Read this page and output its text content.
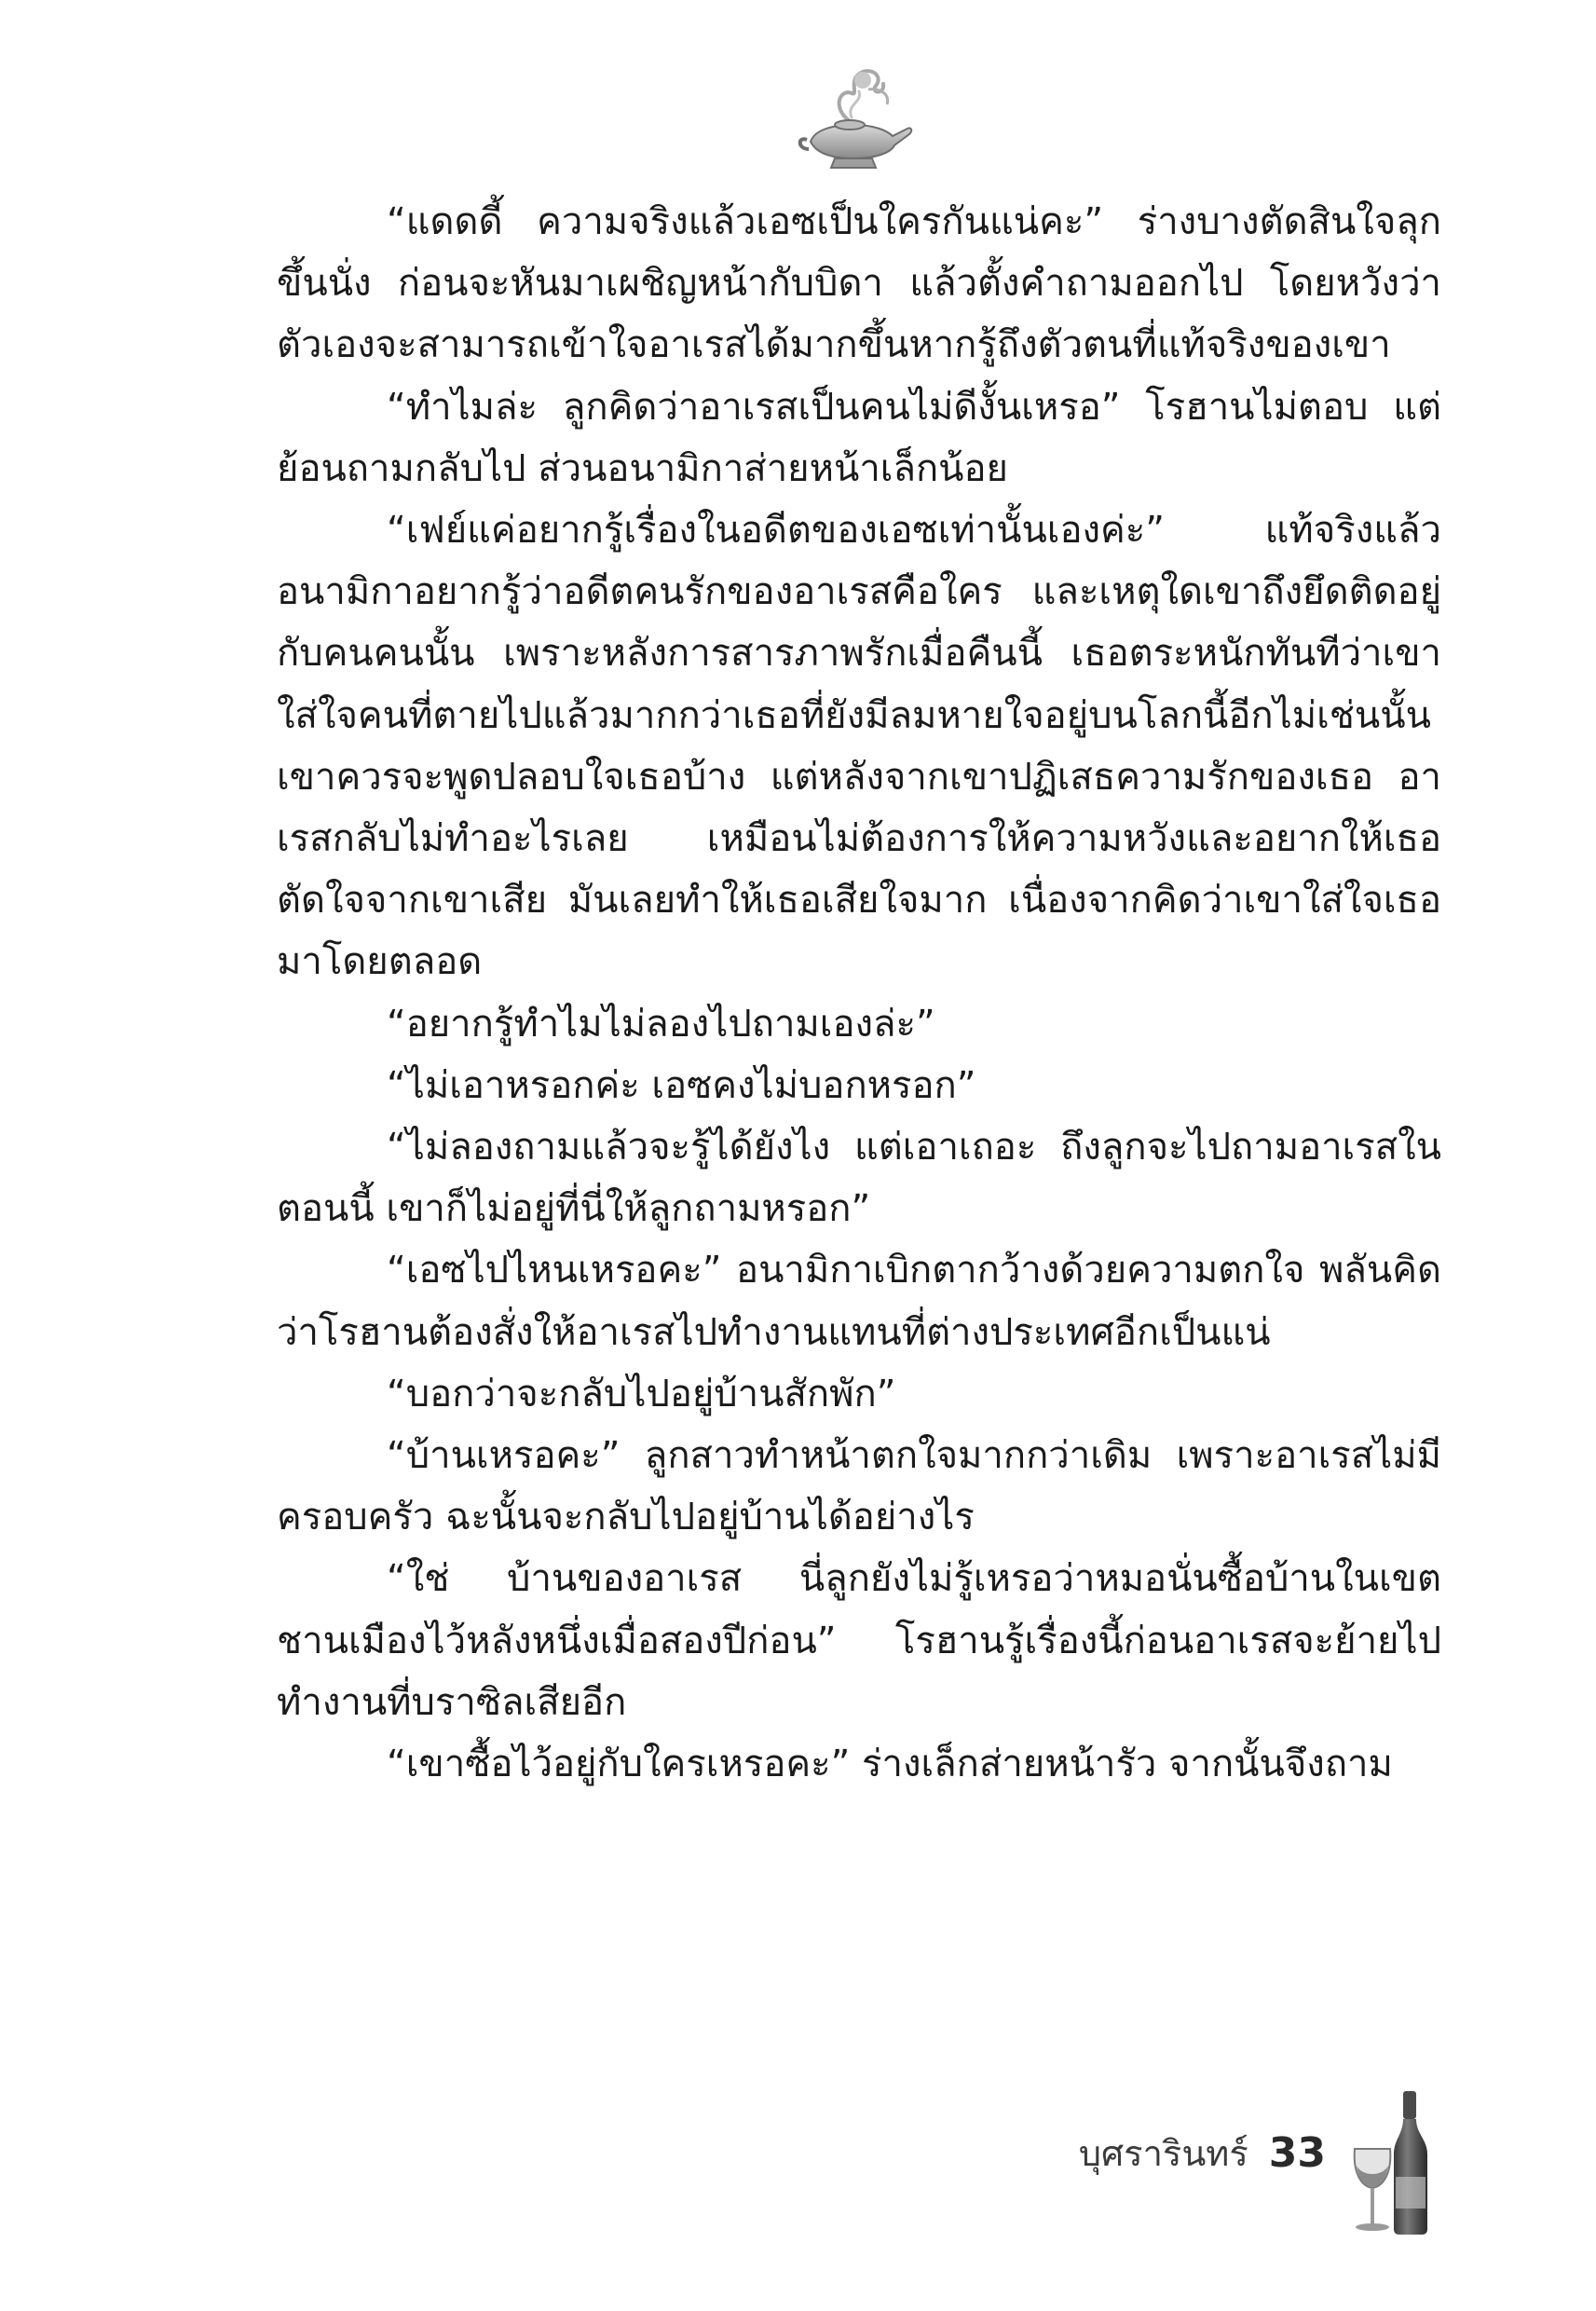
“แดดดี้ ความจริงแล้วเอซเป็นใครกันแน่คะ” ร่างบางตัดสินใจลุกขึ้นนั่ง ก่อนจะหันมาเผชิญหน้ากับบิดา แล้วตั้งคำถามออกไป โดยหวังว่าตัวเองจะสามารถเข้าใจอาเรสได้มากขึ้นหากรู้ถึงตัวตนที่แท้จริงของเขา

“ทำไมล่ะ ลูกคิดว่าอาเรสเป็นคนไม่ดีงั้นเหรอ” โรฮานไม่ตอบ แต่ย้อนถามกลับไป ส่วนอนามิกาส่ายหน้าเล็กน้อย

“เฟย์แค่อยากรู้เรื่องในอดีตของเอซเท่านั้นเองค่ะ” แท้จริงแล้วอนามิกาอยากรู้ว่าอดีตคนรักของอาเรสคือใคร และเหตุใดเขาถึงยึดติดอยู่กับคนคนนั้น เพราะหลังการสารภาพรักเมื่อคืนนี้ เธอตระหนักทันทีว่าเขาใส่ใจคนที่ตายไปแล้วมากกว่าเธอที่ยังมีลมหายใจอยู่บนโลกนี้อีกไม่เช่นนั้นเขาควรจะพูดปลอบใจเธอบ้าง แต่หลังจากเขาปฏิเสธความรักของเธอ อาเรสกลับไม่ทำอะไรเลย เหมือนไม่ต้องการให้ความหวังและอยากให้เธอตัดใจจากเขาเสีย มันเลยทำให้เธอเสียใจมาก เนื่องจากคิดว่าเขาใส่ใจเธอมาโดยตลอด

“อยากรู้ทำไมไม่ลองไปถามเองล่ะ”

“ไม่เอาหรอกค่ะ เอซคงไม่บอกหรอก”

“ไม่ลองถามแล้วจะรู้ได้ยังไง แต่เอาเถอะ ถึงลูกจะไปถามอาเรสในตอนนี้ เขาก็ไม่อยู่ที่นี่ให้ลูกถามหรอก”

“เอซไปไหนเหรอคะ” อนามิกาเบิกตากว้างด้วยความตกใจ พลันคิดว่าโรฮานต้องสั่งให้อาเรสไปทำงานแทนที่ต่างประเทศอีกเป็นแน่

“บอกว่าจะกลับไปอยู่บ้านสักพัก”

“บ้านเหรอคะ” ลูกสาวทำหน้าตกใจมากกว่าเดิม เพราะอาเรสไม่มีครอบครัว ฉะนั้นจะกลับไปอยู่บ้านได้อย่างไร

“ใช่ บ้านของอาเรส นี่ลูกยังไม่รู้เหรอว่าหมอนั่นซื้อบ้านในเขตชานเมืองไว้หลังหนึ่งเมื่อสองปีก่อน” โรฮานรู้เรื่องนี้ก่อนอาเรสจะย้ายไปทำงานที่บราซิลเสียอีก

“เขาซื้อไว้อยู่กับใครเหรอคะ” ร่างเล็กส่ายหน้ารัว จากนั้นจึงถาม

บุศรารินทร์ 33
